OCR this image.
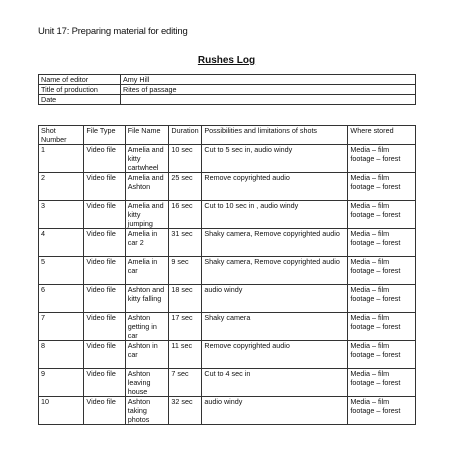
Unit 17: Preparing material for editing
Rushes Log
Name of editor	Amy Hill
Title of production	Rites of passage
Date	
Shot Number	File Type	File Name	Duration	Possibilities and limitations of shots	Where stored
1	Video file	Amelia and kitty cartwheel	10 sec	Cut to 5 sec in, audio windy	Media – film footage – forest
2	Video file	Amelia and Ashton	25 sec	Remove copyrighted audio	Media – film footage – forest
3	Video file	Amelia and kitty jumping	16 sec	Cut to 10 sec in , audio windy	Media – film footage – forest
4	Video file	Amelia in car 2	31 sec	Shaky camera, Remove copyrighted audio	Media – film footage – forest
5	Video file	Amelia in car	9 sec	Shaky camera, Remove copyrighted audio	Media – film footage – forest
6	Video file	Ashton and kitty falling	18 sec	audio windy	Media – film footage – forest
7	Video file	Ashton getting in car	17 sec	Shaky camera	Media – film footage – forest
8	Video file	Ashton in car	11 sec	Remove copyrighted audio	Media – film footage – forest
9	Video file	Ashton leaving house	7 sec	Cut to 4 sec in	Media – film footage – forest
10	Video file	Ashton taking photos	32 sec	audio windy	Media – film footage – forest
